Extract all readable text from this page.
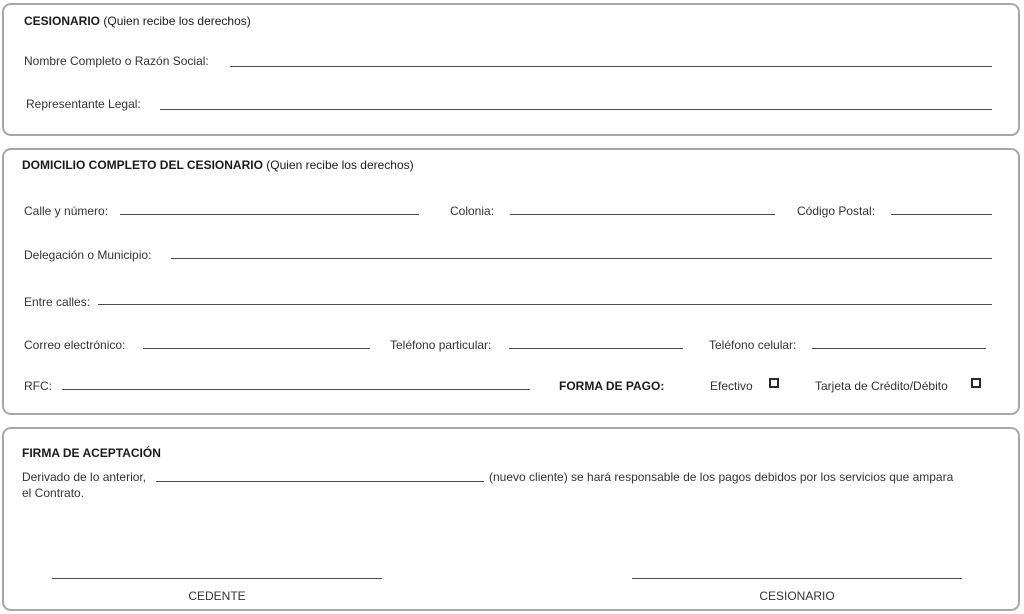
CESIONARIO (Quien recibe los derechos)
Nombre Completo o Razón Social:
Representante Legal:
DOMICILIO COMPLETO DEL CESIONARIO (Quien recibe los derechos)
Calle y número:	Colonia:	Código Postal:
Delegación o Municipio:
Entre calles:
Correo electrónico:	Teléfono particular:	Teléfono celular:
RFC:	FORMA DE PAGO:	Efectivo	Tarjeta de Crédito/Débito
FIRMA DE ACEPTACIÓN
Derivado de lo anterior,	(nuevo cliente) se hará responsable de los pagos debidos por los servicios que ampara
el Contrato.
CEDENTE	CESIONARIO
